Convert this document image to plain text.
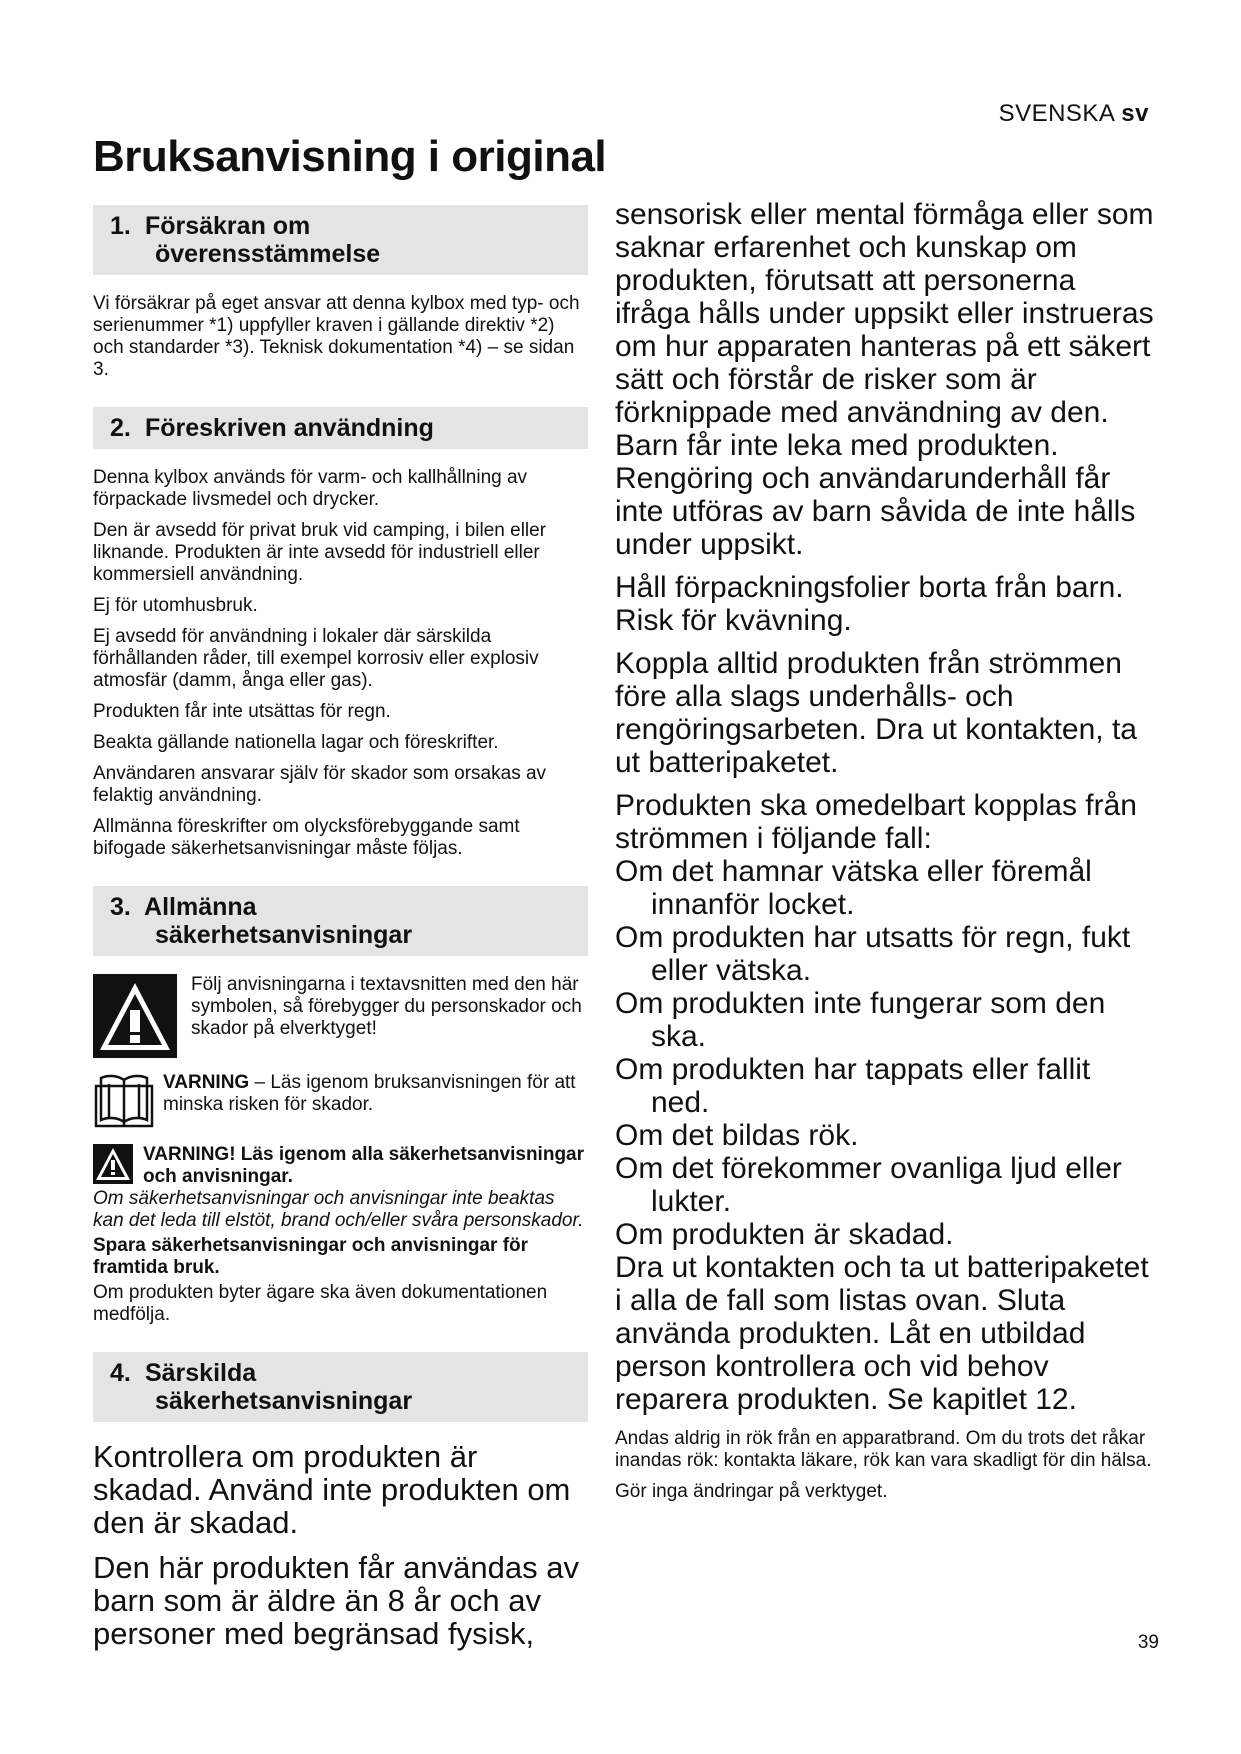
SVENSKA sv
Bruksanvisning i original
1. Försäkran om
överensstämmelse

Vi försäkrar på eget ansvar att denna kylbox med typ- och serienummer *1) uppfyller kraven i gällande direktiv *2) och standarder *3). Teknisk dokumentation *4) – se sidan 3.

2. Föreskriven användning

Denna kylbox används för varm- och kallhållning av förpackade livsmedel och drycker.

Den är avsedd för privat bruk vid camping, i bilen eller liknande. Produkten är inte avsedd för industriell eller kommersiell användning.

Ej för utomhusbruk.

Ej avsedd för användning i lokaler där särskilda förhållanden råder, till exempel korrosiv eller explosiv atmosfär (damm, ånga eller gas).

Produkten får inte utsättas för regn.

Beakta gällande nationella lagar och föreskrifter.

Användaren ansvarar själv för skador som orsakas av felaktig användning.

Allmänna föreskrifter om olycksförebyggande samt bifogade säkerhetsanvisningar måste följas.

3. Allmänna
säkerhetsanvisningar
Följ anvisningarna i textavsnitten med den här symbolen, så förebygger du personskador och skador på elverktyget!
VARNING – Läs igenom bruksanvisningen för att minska risken för skador.
VARNING! Läs igenom alla säkerhetsanvisningar och anvisningar.

Om säkerhetsanvisningar och anvisningar inte beaktas kan det leda till elstöt, brand och/eller svåra personskador.

Spara säkerhetsanvisningar och anvisningar för framtida bruk.

Om produkten byter ägare ska även dokumentationen medfölja.

4. Särskilda
säkerhetsanvisningar

Kontrollera om produkten är skadad. Använd inte produkten om den är skadad.

Den här produkten får användas av barn som är äldre än 8 år och av personer med begränsad fysisk,

sensorisk eller mental förmåga eller som saknar erfarenhet och kunskap om produkten, förutsatt att personerna ifråga hålls under uppsikt eller instrueras om hur apparaten hanteras på ett säkert sätt och förstår de risker som är förknippade med användning av den. Barn får inte leka med produkten. Rengöring och användarunderhåll får inte utföras av barn såvida de inte hålls under uppsikt.

Håll förpackningsfolier borta från barn. Risk för kvävning.

Koppla alltid produkten från strömmen före alla slags underhålls- och rengöringsarbeten. Dra ut kontakten, ta ut batteripaketet.

Produkten ska omedelbart kopplas från strömmen i följande fall:

Om det hamnar vätska eller föremål innanför locket.

Om produkten har utsatts för regn, fukt eller vätska.

Om produkten inte fungerar som den ska.

Om produkten har tappats eller fallit ned.

Om det bildas rök.

Om det förekommer ovanliga ljud eller lukter.

Om produkten är skadad.

Dra ut kontakten och ta ut batteripaketet i alla de fall som listas ovan. Sluta använda produkten. Låt en utbildad person kontrollera och vid behov reparera produkten. Se kapitlet 12.

Andas aldrig in rök från en apparatbrand. Om du trots det råkar inandas rök: kontakta läkare, rök kan vara skadligt för din hälsa.

Gör inga ändringar på verktyget.

39
